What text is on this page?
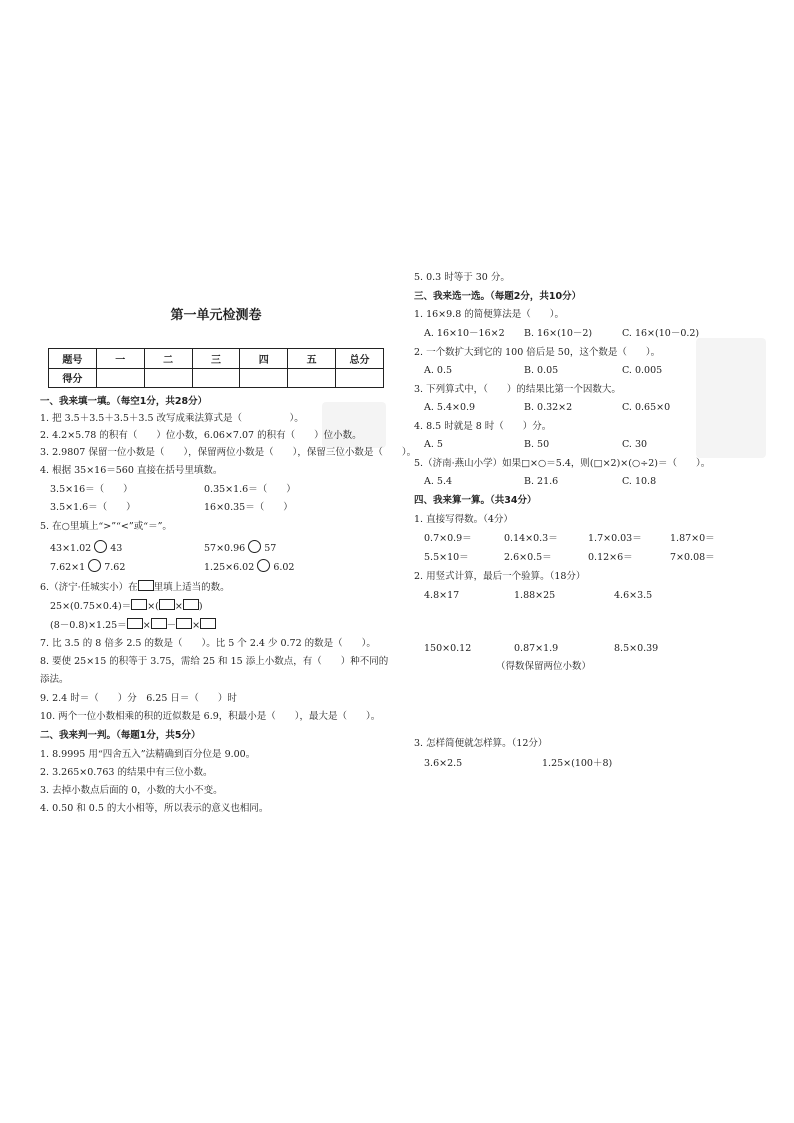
第一单元检测卷
题号	一	二	三	四	五	总分
得分						
一、我来填一填。（每空1分，共28分）
1. 把 3.5＋3.5＋3.5＋3.5 改写成乘法算式是（　　　　　）。
2. 4.2×5.78 的积有（　　）位小数，6.06×7.07 的积有（　　）位小数。
3. 2.9807 保留一位小数是（　　），保留两位小数是（　　），保留三位小数是（　　）。
4. 根据 35×16＝560 直接在括号里填数。
3.5×16＝（　　）	0.35×1.6＝（　　）
3.5×1.6＝（　　）	16×0.35＝（　　）
5. 在○里填上“>”“<”或“＝”。
43×1.02 43	57×0.96 57
7.62×1 7.62	1.25×6.02 6.02
6.（济宁·任城实小）在 里填上适当的数。
25×(0.75×0.4)＝ ×( × )
(8－0.8)×1.25＝ × － ×
7. 比 3.5 的 8 倍多 2.5 的数是（　　）。比 5 个 2.4 少 0.72 的数是（　　）。
8. 要使 25×15 的积等于 3.75，需给 25 和 15 添上小数点，有（　　）种不同的
添法。
9. 2.4 时＝（　　）分　6.25 日＝（　　）时
10. 两个一位小数相乘的积的近似数是 6.9，积最小是（　　），最大是（　　）。
二、我来判一判。（每题1分，共5分）
1. 8.9995 用“四舍五入”法精确到百分位是 9.00。
2. 3.265×0.763 的结果中有三位小数。
3. 去掉小数点后面的 0，小数的大小不变。
4. 0.50 和 0.5 的大小相等，所以表示的意义也相同。
5. 0.3 时等于 30 分。
三、我来选一选。（每题2分，共10分）
1. 16×9.8 的简便算法是（　　）。
A. 16×10－16×2 B. 16×(10－2)	C. 16×(10－0.2)
2. 一个数扩大到它的 100 倍后是 50，这个数是（　　）。
A. 0.5	B. 0.05	C. 0.005
3. 下列算式中，（　　）的结果比第一个因数大。
A. 5.4×0.9	B. 0.32×2	C. 0.65×0
4. 8.5 时就是 8 时（　　）分。
A. 5	B. 50	C. 30
5.（济南·燕山小学）如果□×○＝5.4，则(□×2)×(○÷2)＝（　　）。
A. 5.4	B. 21.6	C. 10.8
四、我来算一算。（共34分）
1. 直接写得数。（4分）
0.7×0.9＝	0.14×0.3＝	1.7×0.03＝	1.87×0＝
5.5×10＝	2.6×0.5＝	0.12×6＝	7×0.08＝
2. 用竖式计算，最后一个验算。（18分）
4.8×17	1.88×25	4.6×3.5
150×0.12	0.87×1.9	8.5×0.39
（得数保留两位小数）
3. 怎样简便就怎样算。（12分）
3.6×2.5	1.25×(100＋8)
